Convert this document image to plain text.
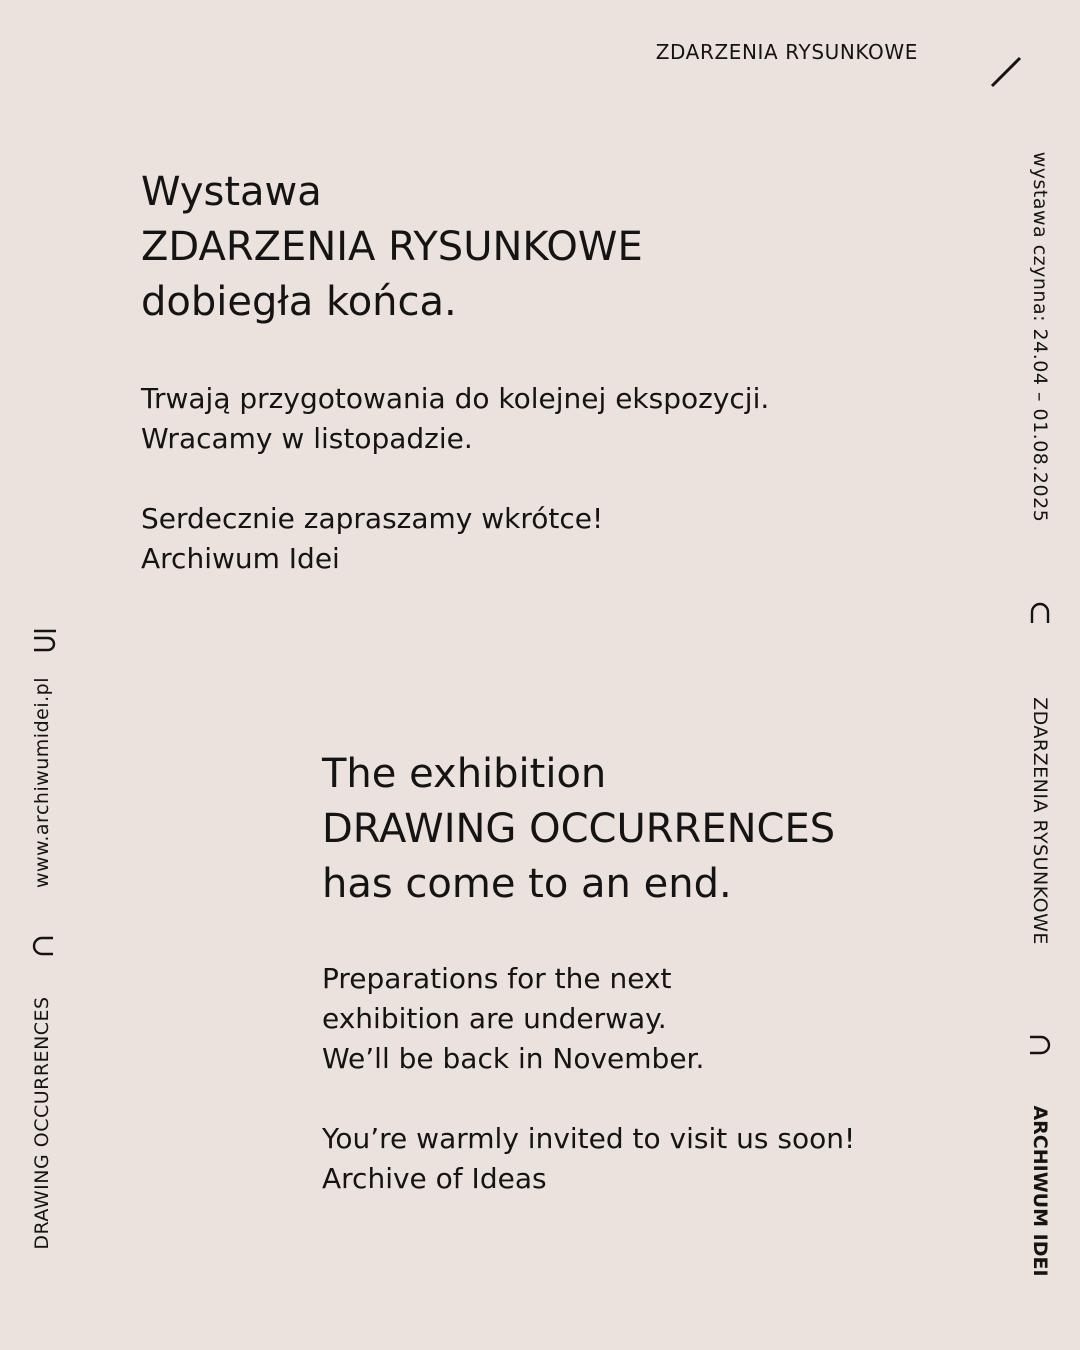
ZDARZENIA RYSUNKOWE
Wystawa
ZDARZENIA RYSUNKOWE
dobiegła końca.
Trwają przygotowania do kolejnej ekspozycji.
Wracamy w listopadzie.
Serdecznie zapraszamy wkrótce!
Archiwum Idei
The exhibition
DRAWING OCCURRENCES
has come to an end.
Preparations for the next
exhibition are underway.
We’ll be back in November.
You’re warmly invited to visit us soon!
Archive of Ideas
wystawa czynna: 24.04 – 01.08.2025
ZDARZENIA RYSUNKOWE
ARCHIWUM IDEI
www.archiwumidei.pl
DRAWING OCCURRENCES
